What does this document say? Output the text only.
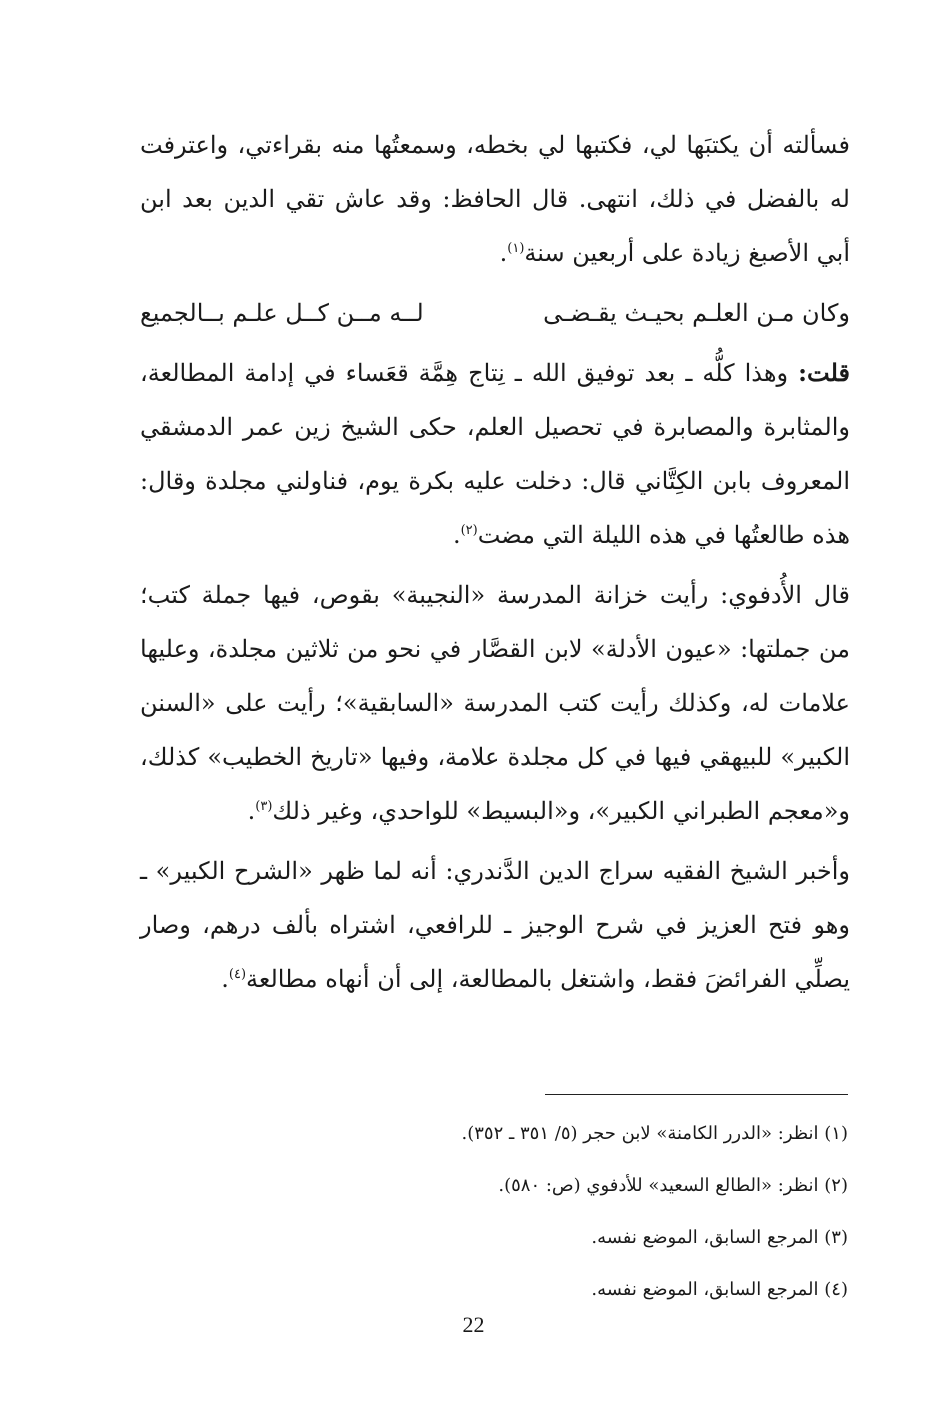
فسألته أن يكتبَها لي، فكتبها لي بخطه، وسمعتُها منه بقراءتي، واعترفت له بالفضل في ذلك، انتهى. قال الحافظ: وقد عاش تقي الدين بعد ابن أبي الأصبغ زيادة على أربعين سنة$^{(١)}$.

وكان مـن العلـم بحيـث يقـضـى
لــه مــن كــل علـم بــالجميع

قلت: وهذا كلُّه ـ بعد توفيق الله ـ نِتاج هِمَّة قعَساء في إدامة المطالعة، والمثابرة والمصابرة في تحصيل العلم، حكى الشيخ زين عمر الدمشقي المعروف بابن الكِتَّاني قال: دخلت عليه بكرة يوم، فناولني مجلدة وقال: هذه طالعتُها في هذه الليلة التي مضت$^{(٢)}$.

قال الأُدفوي: رأيت خزانة المدرسة «النجيبة» بقوص، فيها جملة كتب؛ من جملتها: «عيون الأدلة» لابن القصَّار في نحو من ثلاثين مجلدة، وعليها علامات له، وكذلك رأيت كتب المدرسة «السابقية»؛ رأيت على «السنن الكبير» للبيهقي فيها في كل مجلدة علامة، وفيها «تاريخ الخطيب» كذلك، و«معجم الطبراني الكبير»، و«البسيط» للواحدي، وغير ذلك$^{(٣)}$.

وأخبر الشيخ الفقيه سراج الدين الدَّندري: أنه لما ظهر «الشرح الكبير» ـ وهو فتح العزيز في شرح الوجيز ـ للرافعي، اشتراه بألف درهم، وصار يصلِّي الفرائضَ فقط، واشتغل بالمطالعة، إلى أن أنهاه مطالعة$^{(٤)}$.

(١) انظر: «الدرر الكامنة» لابن حجر (٥/ ٣٥١ ـ ٣٥٢).
(٢) انظر: «الطالع السعيد» للأدفوي (ص: ٥٨٠).
(٣) المرجع السابق، الموضع نفسه.
(٤) المرجع السابق، الموضع نفسه.
22
